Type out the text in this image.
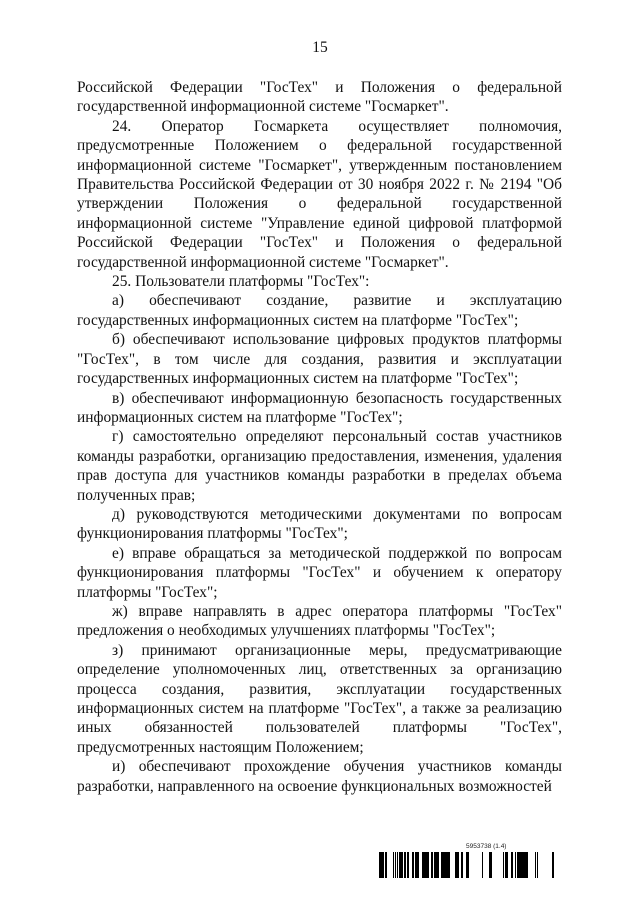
15

Российской Федерации "ГосТех" и Положения о федеральной государственной информационной системе "Госмаркет".

24. Оператор Госмаркета осуществляет полномочия, предусмотренные Положением о федеральной государственной информационной системе "Госмаркет", утвержденным постановлением Правительства Российской Федерации от 30 ноября 2022 г. № 2194 "Об утверждении Положения о федеральной государственной информационной системе "Управление единой цифровой платформой Российской Федерации "ГосТех" и Положения о федеральной государственной информационной системе "Госмаркет".

25. Пользователи платформы "ГосТех":

а) обеспечивают создание, развитие и эксплуатацию государственных информационных систем на платформе "ГосТех";

б) обеспечивают использование цифровых продуктов платформы "ГосТех", в том числе для создания, развития и эксплуатации государственных информационных систем на платформе "ГосТех";

в) обеспечивают информационную безопасность государственных информационных систем на платформе "ГосТех";

г) самостоятельно определяют персональный состав участников команды разработки, организацию предоставления, изменения, удаления прав доступа для участников команды разработки в пределах объема полученных прав;

д) руководствуются методическими документами по вопросам функционирования платформы "ГосТех";

е) вправе обращаться за методической поддержкой по вопросам функционирования платформы "ГосТех" и обучением к оператору платформы "ГосТех";

ж) вправе направлять в адрес оператора платформы "ГосТех" предложения о необходимых улучшениях платформы "ГосТех";

з) принимают организационные меры, предусматривающие определение уполномоченных лиц, ответственных за организацию процесса создания, развития, эксплуатации государственных информационных систем на платформе "ГосТех", а также за реализацию иных обязанностей пользователей платформы "ГосТех", предусмотренных настоящим Положением;

и) обеспечивают прохождение обучения участников команды разработки, направленного на освоение функциональных возможностей

5953738 (1.4)
